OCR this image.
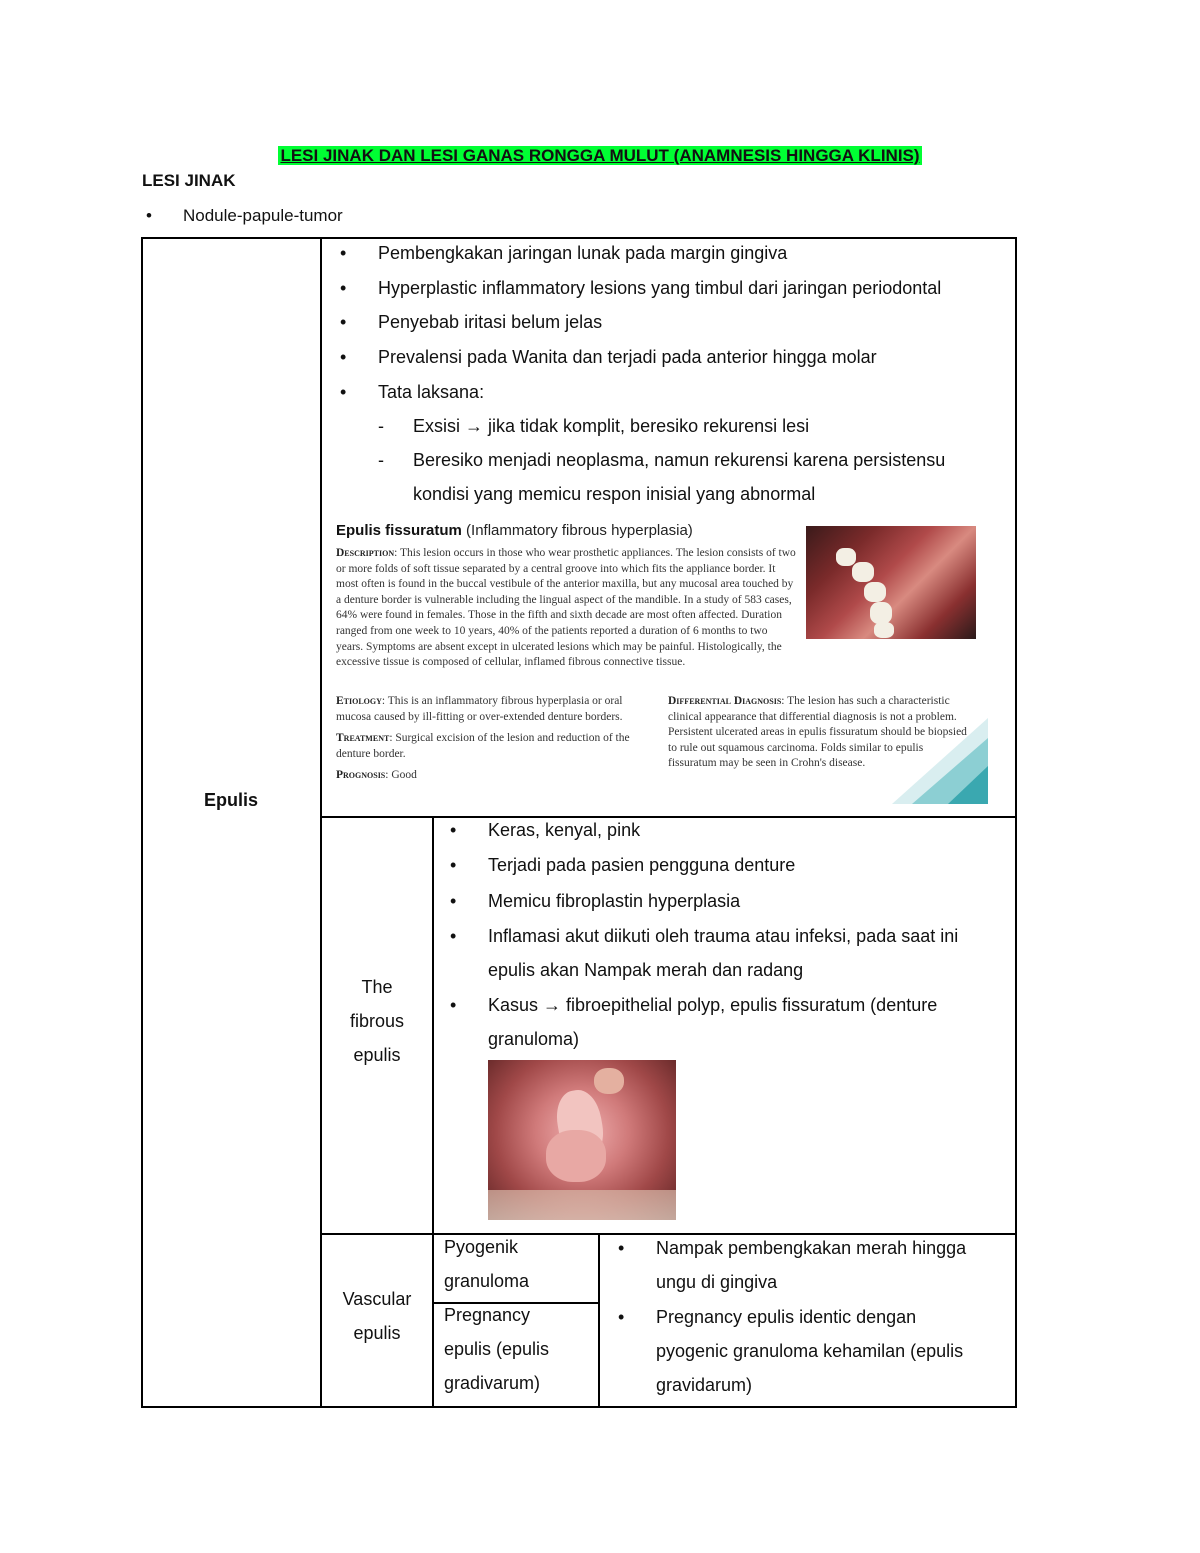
LESI JINAK DAN LESI GANAS RONGGA MULUT (ANAMNESIS HINGGA KLINIS)
LESI JINAK
• Nodule-papule-tumor
Epulis
• Pembengkakan jaringan lunak pada margin gingiva
• Hyperplastic inflammatory lesions yang timbul dari jaringan periodontal
• Penyebab iritasi belum jelas
• Prevalensi pada Wanita dan terjadi pada anterior hingga molar
• Tata laksana:
- Exsisi → jika tidak komplit, beresiko rekurensi lesi
- Beresiko menjadi neoplasma, namun rekurensi karena persistensu
kondisi yang memicu respon inisial yang abnormal
Epulis fissuratum (Inflammatory fibrous hyperplasia)
Description: This lesion occurs in those who wear prosthetic appliances. The lesion consists of two or more folds of soft tissue separated by a central groove into which fits the appliance border. It most often is found in the buccal vestibule of the anterior maxilla, but any mucosal area touched by a denture border is vulnerable including the lingual aspect of the mandible. In a study of 583 cases, 64% were found in females. Those in the fifth and sixth decade are most often affected. Duration ranged from one week to 10 years, 40% of the patients reported a duration of 6 months to two years. Symptoms are absent except in ulcerated lesions which may be painful. Histologically, the excessive tissue is composed of cellular, inflamed fibrous connective tissue.
Etiology: This is an inflammatory fibrous hyperplasia or oral mucosa caused by ill-fitting or over-extended denture borders.
Treatment: Surgical excision of the lesion and reduction of the denture border.
Prognosis: Good
Differential Diagnosis: The lesion has such a characteristic clinical appearance that differential diagnosis is not a problem. Persistent ulcerated areas in epulis fissuratum should be biopsied to rule out squamous carcinoma. Folds similar to epulis fissuratum may be seen in Crohn's disease.
The
fibrous
epulis
• Keras, kenyal, pink
• Terjadi pada pasien pengguna denture
• Memicu fibroplastin hyperplasia
• Inflamasi akut diikuti oleh trauma atau infeksi, pada saat ini
epulis akan Nampak merah dan radang
• Kasus → fibroepithelial polyp, epulis fissuratum (denture
granuloma)
Vascular
epulis
Pyogenik
granuloma
Pregnancy
epulis (epulis
gradivarum)
• Nampak pembengkakan merah hingga
ungu di gingiva
• Pregnancy epulis identic dengan
pyogenic granuloma kehamilan (epulis
gravidarum)
